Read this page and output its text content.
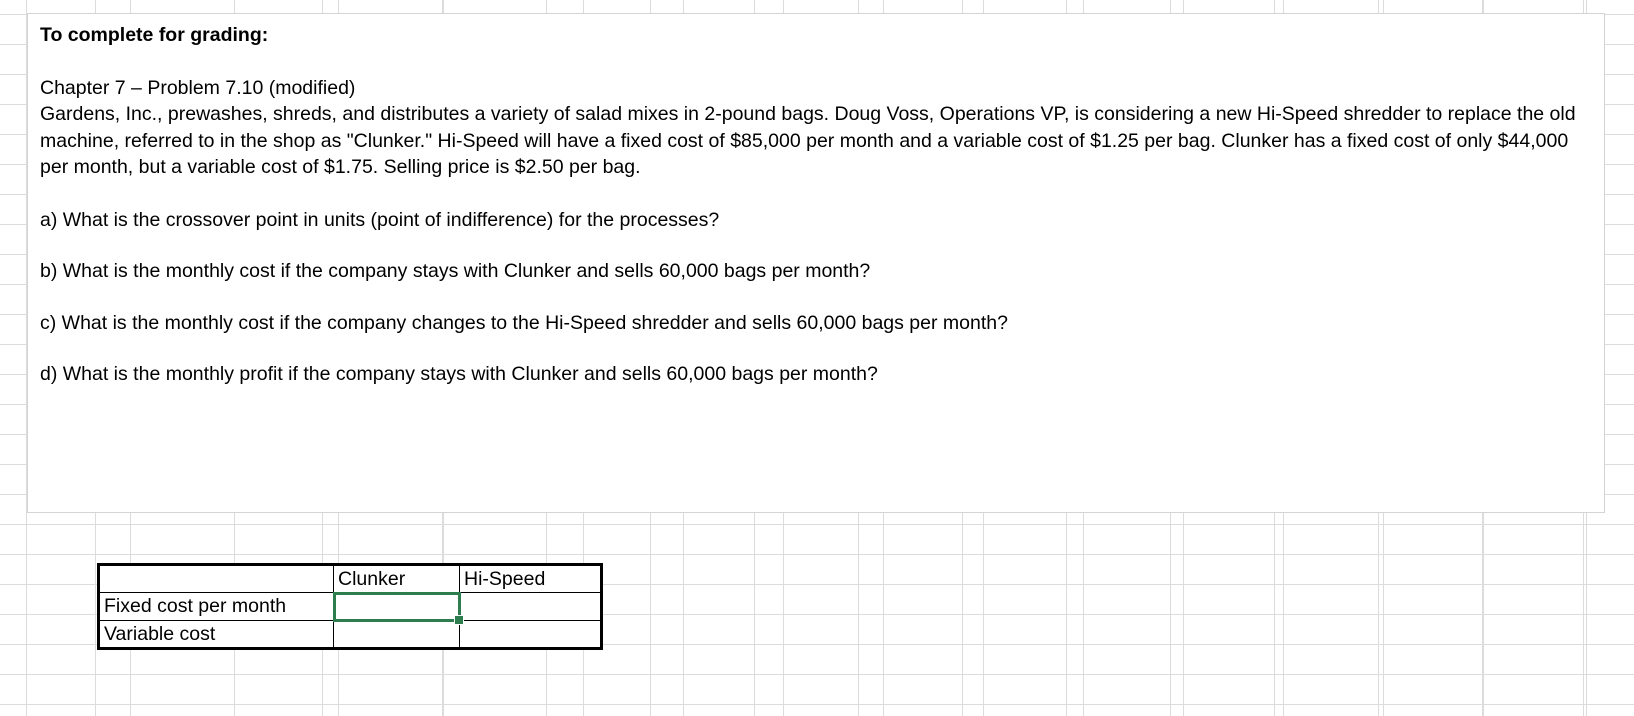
To complete for grading:

Chapter 7 – Problem 7.10 (modified)

Gardens, Inc., prewashes, shreds, and distributes a variety of salad mixes in 2-pound bags. Doug Voss, Operations VP, is considering a new Hi-Speed shredder to replace the old machine, referred to in the shop as "Clunker." Hi-Speed will have a fixed cost of $85,000 per month and a variable cost of $1.25 per bag. Clunker has a fixed cost of only $44,000 per month, but a variable cost of $1.75. Selling price is $2.50 per bag.

a) What is the crossover point in units (point of indifference) for the processes?

b) What is the monthly cost if the company stays with Clunker and sells 60,000 bags per month?

c) What is the monthly cost if the company changes to the Hi-Speed shredder and sells 60,000 bags per month?

d) What is the monthly profit if the company stays with Clunker and sells 60,000 bags per month?

	Clunker	Hi-Speed
Fixed cost per month	

Variable cost		
